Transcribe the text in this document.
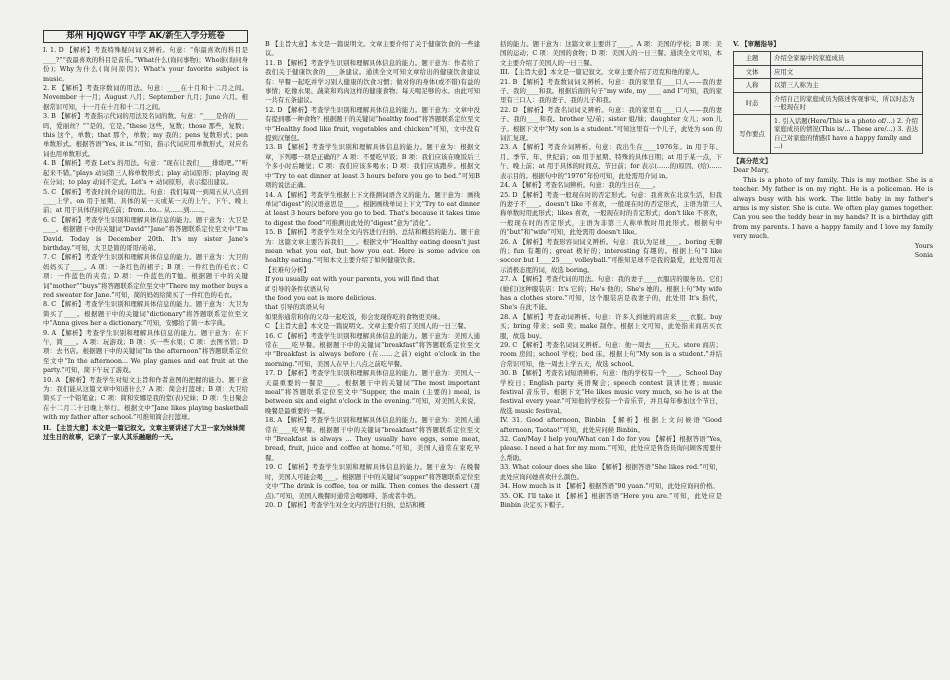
郑州 HJQWGY 中学 AK/新生入学分班卷

I. 1. D 【解析】考查特殊疑问词义辨析。句意：“你最喜欢的科目是____?”“我最喜欢的科目是音乐。”What什么(询问事物)；Who谁(询问身份)；Why为什么(询问原因)；What's your favorite subject is music.

2. E 【解析】考查序数词的用法。句意：____在十月和十二月之间。November 十一月；August 八月；September 九月；June 六月。根据常识可知，十一月在十月和十二月之间。

3. B 【解析】考查指示代词的用法及名词的数。句意：“____是你的____吗，爱丽丝？”“是的，它是。”these 这些，复数；those 那些，复数；this 这个，单数；that 那个，单数；my 我的；pens 复数形式；pen 单数形式。根据答语“Yes, it is.”可知，指示代词应用单数形式，对应名词也用单数形式。

4. B 【解析】考查 Let's 的用法。句意：“现在让我们____排练吧。”“听起来不错。”plays 动词第三人称单数形式；play 动词原形；playing 现在分词；to play 动词不定式。Let's + 动词原形，表示提出建议。

5. C 【解析】考查时间介词的用法。句意：我们每周一到周五从八点到____上学。on 用于星期、具体的某一天或某一天的上午、下午、晚上前；at 用于具体的时间点前；from...to... 从……到……。

6. C 【解析】考查学生识别和理解具体信息的能力。题干意为：大卫是____。根据题干中的关键词“David”“Jane”将答题联系定位至文中“I'm David. Today is December 20th. It's my sister Jane's birthday.”可知，大卫是简的哥哥/弟弟。

7. C 【解析】考查学生识别和理解具体信息的能力。题干意为：大卫的妈妈买了____。A 项：一条红色的裙子；B 项：一件红色的毛衣；C 项：一件蓝色的夹克；D 项：一件蓝色的T恤。根据题干中的关键词“mother”“buys”将答题联系定位至文中“There my mother buys a red sweater for Jane.”可知，简的妈妈给简买了一件红色的毛衣。

8. C 【解析】考查学生识别和理解具体信息的能力。题干意为：大卫为简买了____。根据题干中的关键词“dictionary”将答题联系定位至文中“Anna gives her a dictionary.”可知，安娜给了简一本字典。

9. A 【解析】考查学生识别和理解具体信息的能力。题干意为：在下午，简____。A 项：玩游戏；B 项：买一些水果；C 项：去图书馆；D 项：去书店。根据题干中的关键词“In the afternoon”将答题联系定位至文中“In the afternoon... We play games and eat fruit at the party.”可知，简下午玩了游戏。

10. A 【解析】考查学生对短文主旨和作者意图的把握的能力。题干意为：我们能从这篇文章中知道什么？A 项：简会打篮球；B 项：大卫给简买了一个铅笔盒；C 项：简和安娜是我的堂(表)兄妹；D 项：生日聚会在十二月二十日晚上举行。根据文中“Jane likes playing basketball with my father after school.”可推知简会打篮球。

II. 【主旨大意】本文是一篇记叙文。文章主要讲述了大卫一家为妹妹简过生日的故事，记录了一家人其乐融融的一天。

B 【主旨大意】本文是一篇说明文。文章主要介绍了关于健康饮食的一些建议。

11. B 【解析】考查学生识别和理解具体信息的能力。题干意为：作者给了我们关于健康饮食的____条建议。通读全文可知文章给出的健康饮食建议有：早餐一起吃并学习别人健康的饮食习惯；做对你的身体(或不错)有益的事情；吃像水果、蔬菜和鸡肉这样的健康食物；每天喝足够的水。由此可知一共有五条建议。

12. D 【解析】考查学生识别和理解具体信息的能力。题干意为：文章中没有提到哪一种食物？根据题干的关键词“healthy food”将答题联系定位至文中“Healthy food like fruit, vegetables and chicken”可知，文中没有提到汉堡包。

13. B 【解析】考查学生识别和理解具体信息的能力。题干意为：根据文章，下列哪一项是正确的？A 项：不要吃早饭；B 项：我们应该在晚饭后三个多小时后睡觉；C 项：我们应该多喝水；D 项：我们应该跑步。根据文中“Try to eat dinner at least 3 hours before you go to bed.”可知B 项的说法正确。

14. A 【解析】考查学生根据上下文推测词语含义的能力。题干意为：画线单词“digest”的汉语意思是____。根据画线单词上下文“Try to eat dinner at least 3 hours before you go to bed. That's because it takes time to digest the food”可推测出此处的“digest”意为“消化”。

15. B 【解析】考查学生对全文内容进行归纳、总结和概括的能力。题干意为：这篇文章主要告诉我们____。根据文中“Healthy eating doesn't just mean what you eat, but how you eat. Here is some advice on healthy eating.”可知本文主要介绍了如何健康饮食。

【长难句分析】

If you usually eat with your parents, you will find that

if 引导的条件状语从句

the food you eat is more delicious.

that 引导的宾语从句

如果你通常和你的父母一起吃饭，你会发现你吃的食物更美味。

C 【主旨大意】本文是一篇说明文。文章主要介绍了美国人的一日三餐。

16. C 【解析】考查学生识别和理解具体信息的能力。题干意为：美国人通常在____吃早餐。根据题干中的关键词“breakfast”将答题联系定位至文中“Breakfast is always before (在……之前) eight o'clock in the morning.”可知，美国人在早上八点之前吃早餐。

17. D 【解析】考查学生识别和理解具体信息的能力。题干意为：美国人一天最重要的一餐是____。根据题干中的关键词“The most important meal”将答题联系定位至文中“Supper, the main (主要的) meal, is between six and eight o'clock in the evening.”可知，对美国人来说，晚餐是最重要的一餐。

18. A 【解析】考查学生识别和理解具体信息的能力。题干意为：美国人通常在____吃早餐。根据题干中的关键词“breakfast”将答题联系定位至文中“Breakfast is always ... They usually have eggs, some meat, bread, fruit, juice and coffee at home.”可知，美国人通常在家吃早餐。

19. C 【解析】考查学生识别和理解具体信息的能力。题干意为：在晚餐时，美国人可能会喝____。根据题干中的关键词“supper”将答题联系定位至文中“The drink is coffee, tea or milk. Then comes the dessert (甜点).”可知，美国人晚餐时通常会喝咖啡、茶或者牛奶。

20. D 【解析】考查学生对全文内容进行归纳、总结和概

括的能力。题干意为：这篇文章主要讲了____。A 项：美国的学校；B 项：美国的运动；C 项：美国的食物；D 项：美国人的一日三餐。通读全文可知，本文主要介绍了美国人的一日三餐。

III. 【主旨大意】本文是一篇记叙文。文章主要介绍了迈克和他的家人。

21. B 【解析】考查数词词义辨析。句意：我的家里有____口人——我的妻子、我的____和我。根据后面的句子“my wife, my ____ and I”可知，我的家里有三口人：我的妻子、我的儿子和我。

22. D 【解析】考查名词词义辨析。句意：我的家里有____口人——我的妻子、我的____和我。brother 兄/弟；sister 姐/妹；daughter 女儿；son 儿子。根据下文中“My son is a student.”可知这里有一个儿子，此处为 son 的词汇复现。

23. A 【解析】考查介词辨析。句意：我出生在____1976年。in 用于年、月、季节、年、世纪前；on 用于星期、特殊的具体日期；at 用于某一点，下午、晚上前；at 用于具体的时间点、节日前；for 表示(……的)原因、(给)……表示目的。根据句中的“1976”年份可知，此处需用介词 in。

24. A 【解析】考查名词辨析。句意：我的生日在____。

25. D 【解析】考查一般现在时的否定形式。句意：我喜欢在北京生活，但我的妻子不____。doesn't like 不喜欢，一般现在时的否定形式，主语为第三人称单数时用此形式；likes 喜欢，一般现在时的肯定形式；don't like 不喜欢，一般现在时的否定形式，主语为非第三人称单数时用此形式。根据句中的“but”和“wife”可知，此处需用 doesn't like。

26. A 【解析】考查形容词词义辨析。句意：我认为足球____。boring 无聊的；fun 有趣的；great 极好的；interesting 有趣的。根据上句“I like soccer but I____25____ volleyball.”可推知足球不是我的最爱，此处需用表示消极态度的词，故选 boring。

27. A 【解析】考查代词的用法。句意：我的妻子____衣服店的服务员。它们(她们)这种服装店：It's 它的；He's 他的；She's 她的。根据上句“My wife has a clothes store.”可知，这个服装店是我妻子的，此处用 It's 指代，She's 在此不能。

28. A 【解析】考查动词辨析。句意：许多人到她的商店来____衣服。buy 买；bring 带来；sell 卖；make 制作。根据上文可知，此处指来商店买衣服，故选 buy。

29. C 【解析】考查名词词义辨析。句意：他一周去____五天。store 商店；room 房间；school 学校；bed 床。根据上句“My son is a student.”并结合常识可知，他一周去上学五天，故选 school。

30. B 【解析】考查名词短语辨析。句意：他的学校有一个____。School Day 学校日；English party 英语聚会；speech contest 演讲比赛；music festival 音乐节。根据下文“He likes music very much, so he is at the festival every year.”可知他的学校有一个音乐节，并且每年参加这个节日，故选 music festival。

IV. 31. Good afternoon, Binbin 【解析】根据上文问候语“Good afternoon, Taotao!”可知，此处应问候 Binbin。

32. Can/May I help you/What can I do for you 【解析】根据答语“Yes, please. I need a hat for my mom.”可知，此处应是售货员询问顾客需要什么帮助。

33. What colour does she like 【解析】根据答语“She likes red.”可知，此处应询问她喜欢什么颜色。

34. How much is it 【解析】根据答语“90 yuan.”可知，此处应询问价格。

35. OK. I'll take it 【解析】根据答语“Here you are.”可知，此处应是 Binbin 决定买下帽子。

V. 【审题指导】
主题	介绍全家福中的家庭成员
文体	应用文
人称	以第三人称为主
时态	介绍自己的家庭成员为陈述客观事实，所以时态为一般现在时
写作要点	1. 引入话题(Here/This is a photo of/...) 2. 介绍家庭成员的情况(This is/... These are/...) 3. 表达自己对家庭的情感(I have a happy family and ...)
【高分范文】

Dear Mary,

This is a photo of my family. This is my mother. She is a teacher. My father is on my right. He is a policeman. He is always busy with his work. The little baby in my father's arms is my sister. She is cute. We often play games together. Can you see the teddy bear in my hands? It is a birthday gift from my parents. I have a happy family and I love my family very much.

Yours

Sonia
